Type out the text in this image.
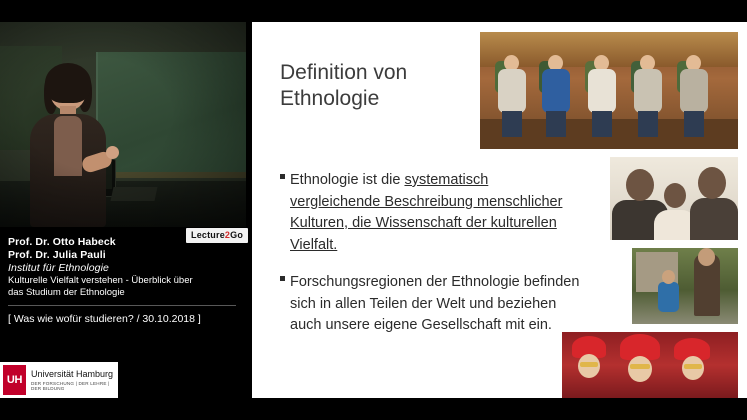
Lecture2Go
Prof. Dr. Otto Habeck
Prof. Dr. Julia Pauli
Institut für Ethnologie
Kulturelle Vielfalt verstehen - Überblick über
das Studium der Ethnologie
[ Was wie wofür studieren? / 30.10.2018 ]
UH
Universität Hamburg
DER FORSCHUNG | DER LEHRE | DER BILDUNG
Definition von Ethnologie
Ethnologie ist die systematisch vergleichende Beschreibung menschlicher Kulturen, die Wissenschaft der kulturellen Vielfalt.
Forschungsregionen der Ethnologie befinden sich in allen Teilen der Welt und beziehen auch unsere eigene Gesellschaft mit ein.
